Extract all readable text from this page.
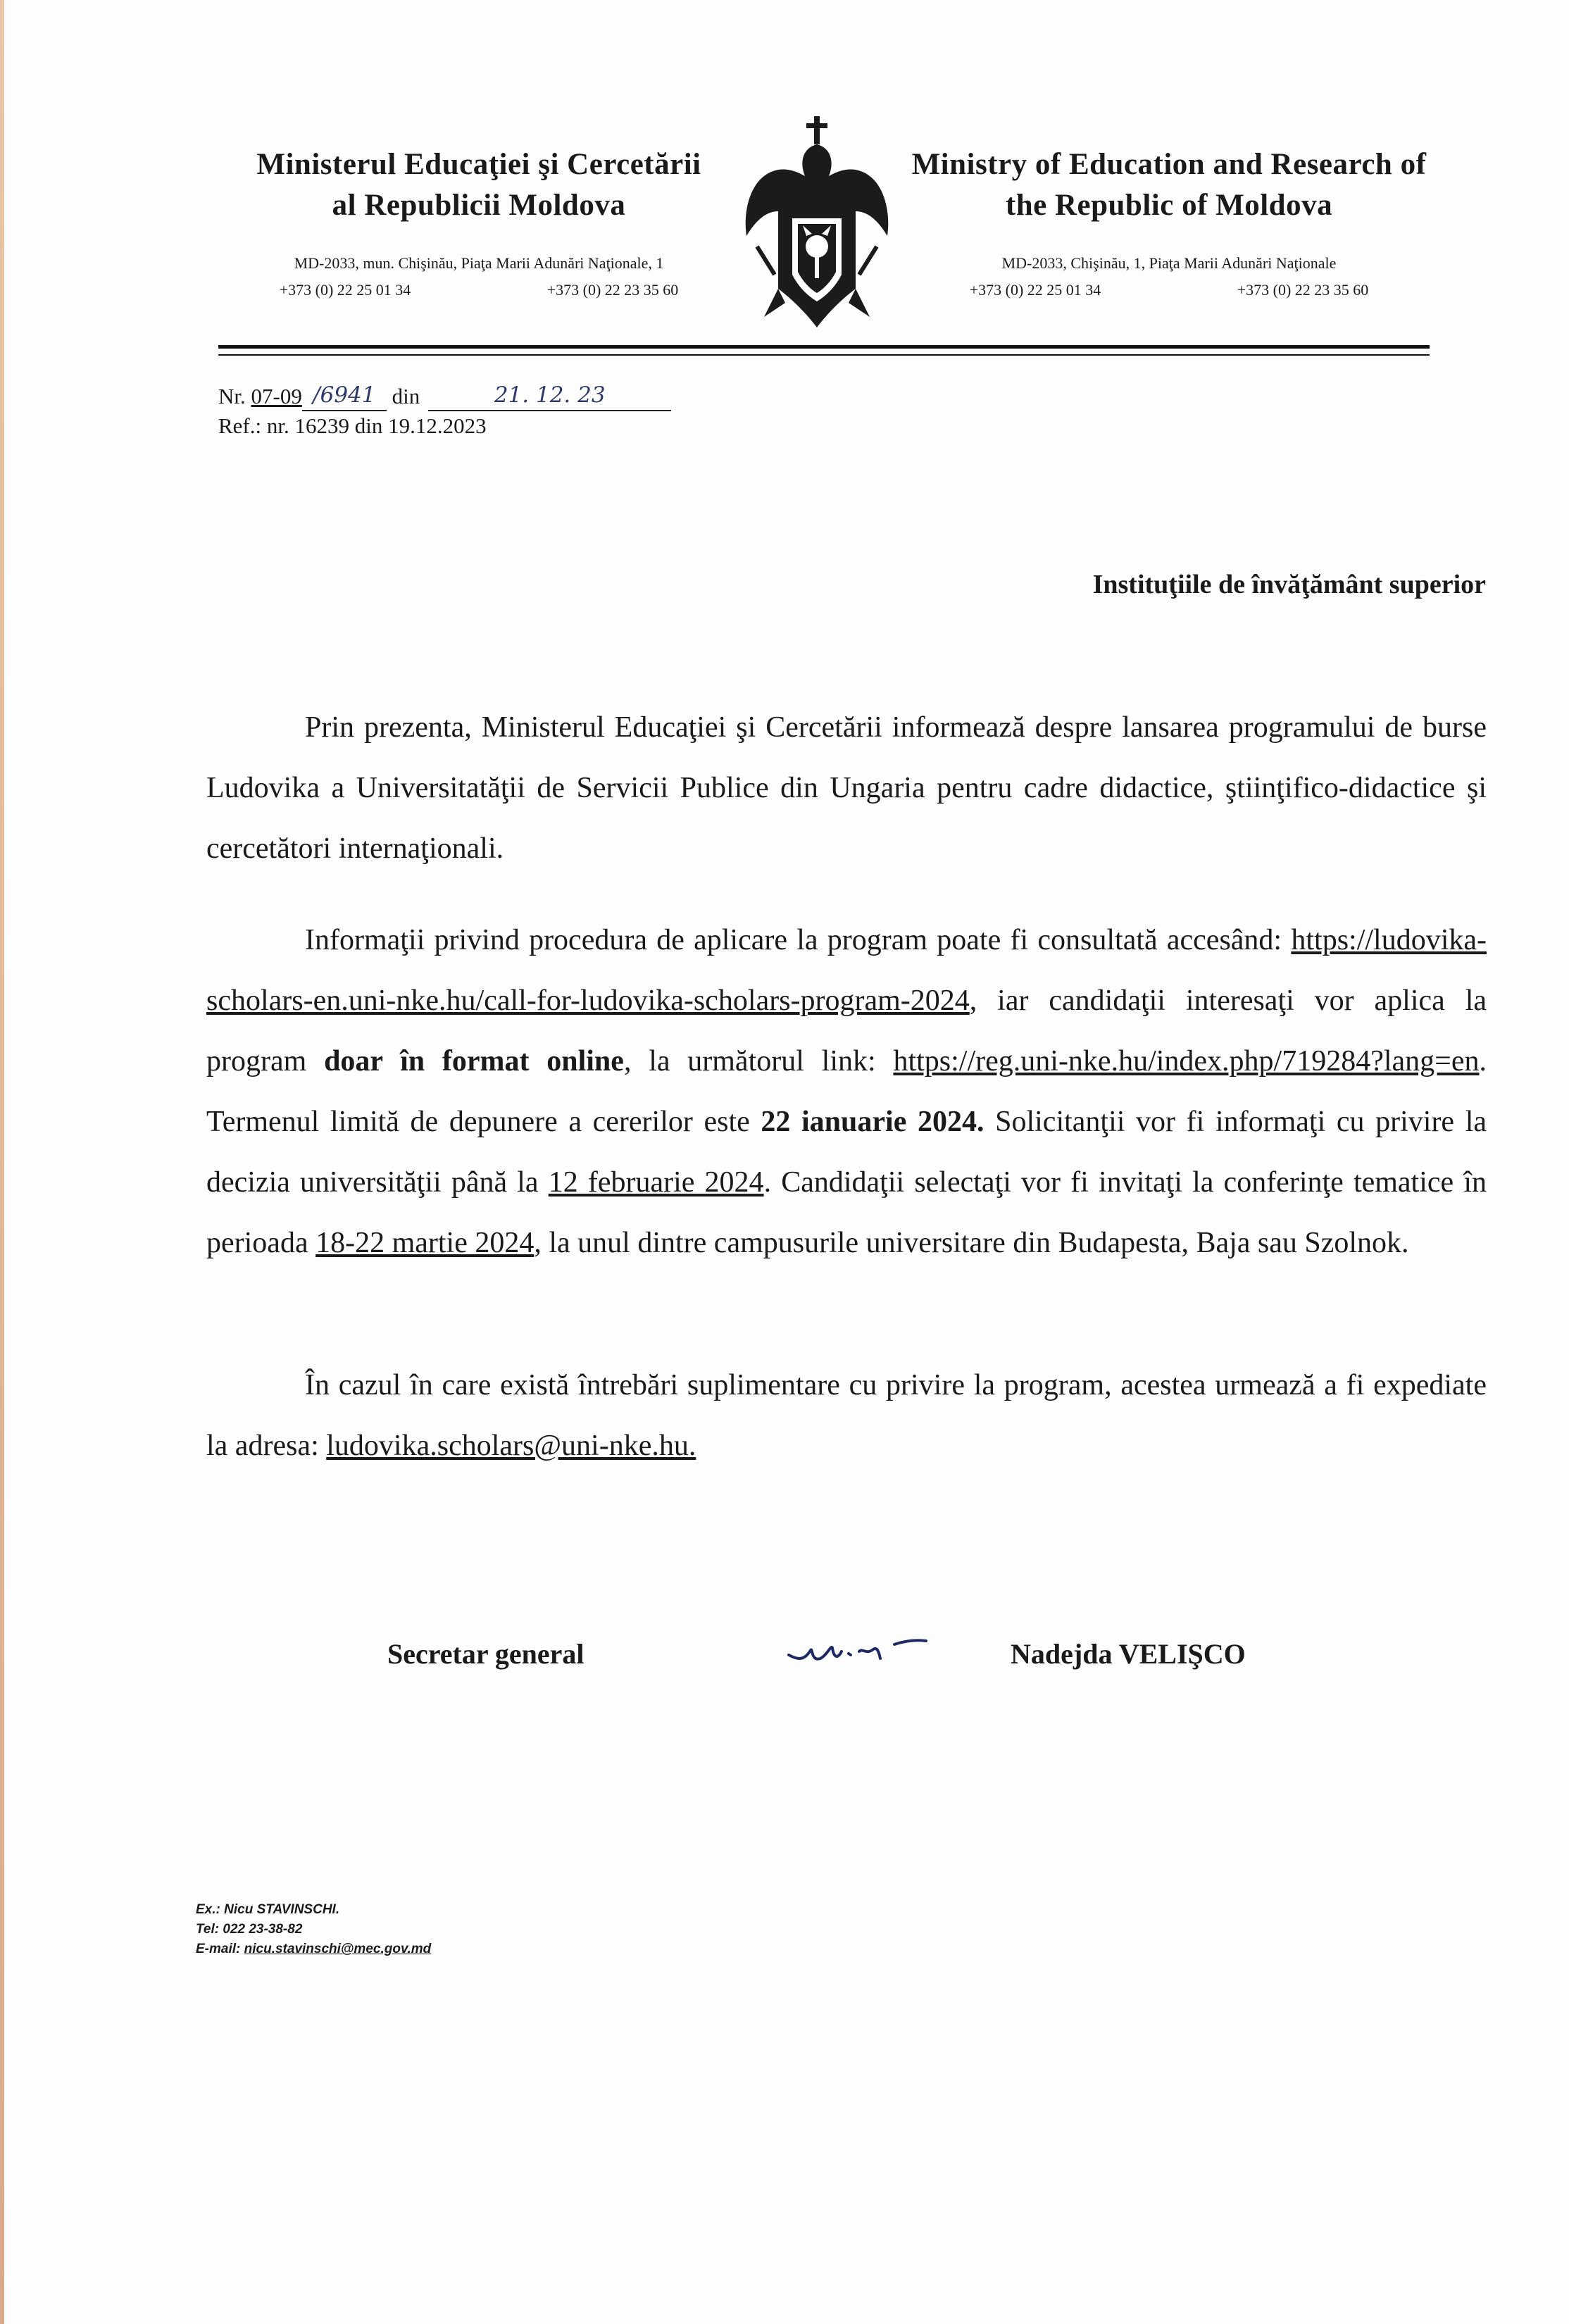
Ministerul Educaţiei şi Cercetării
al Republicii Moldova
MD-2033, mun. Chişinău, Piaţa Marii Adunări Naţionale, 1
+373 (0) 22 25 01 34	+373 (0) 22 23 35 60
Ministry of Education and Research of
the Republic of Moldova
MD-2033, Chişinău, 1, Piaţa Marii Adunări Naţionale
+373 (0) 22 25 01 34	+373 (0) 22 23 35 60
Nr.
07-09 /6941
din	21. 12. 23
Ref.: nr. 16239 din 19.12.2023
Instituţiile de învăţământ superior
Prin prezenta, Ministerul Educaţiei şi Cercetării informează despre lansarea programului de burse Ludovika a Universitatăţii de Servicii Publice din Ungaria pentru cadre didactice, ştiinţifico-didactice şi cercetători internaţionali.
Informaţii privind procedura de aplicare la program poate fi consultată accesând: https://ludovika-scholars-en.uni-nke.hu/call-for-ludovika-scholars-program-2024, iar candidaţii interesaţi vor aplica la program doar în format online, la următorul link: https://reg.uni-nke.hu/index.php/719284?lang=en. Termenul limită de depunere a cererilor este 22 ianuarie 2024. Solicitanţii vor fi informaţi cu privire la decizia universităţii până la 12 februarie 2024. Candidaţii selectaţi vor fi invitaţi la conferinţe tematice în perioada 18-22 martie 2024, la unul dintre campusurile universitare din Budapesta, Baja sau Szolnok.
În cazul în care există întrebări suplimentare cu privire la program, acestea urmează a fi expediate la adresa: ludovika.scholars@uni-nke.hu.
Secretar general	Nadejda VELIŞCO
Ex.: Nicu STAVINSCHI.
Tel: 022 23-38-82
E-mail: nicu.stavinschi@mec.gov.md
